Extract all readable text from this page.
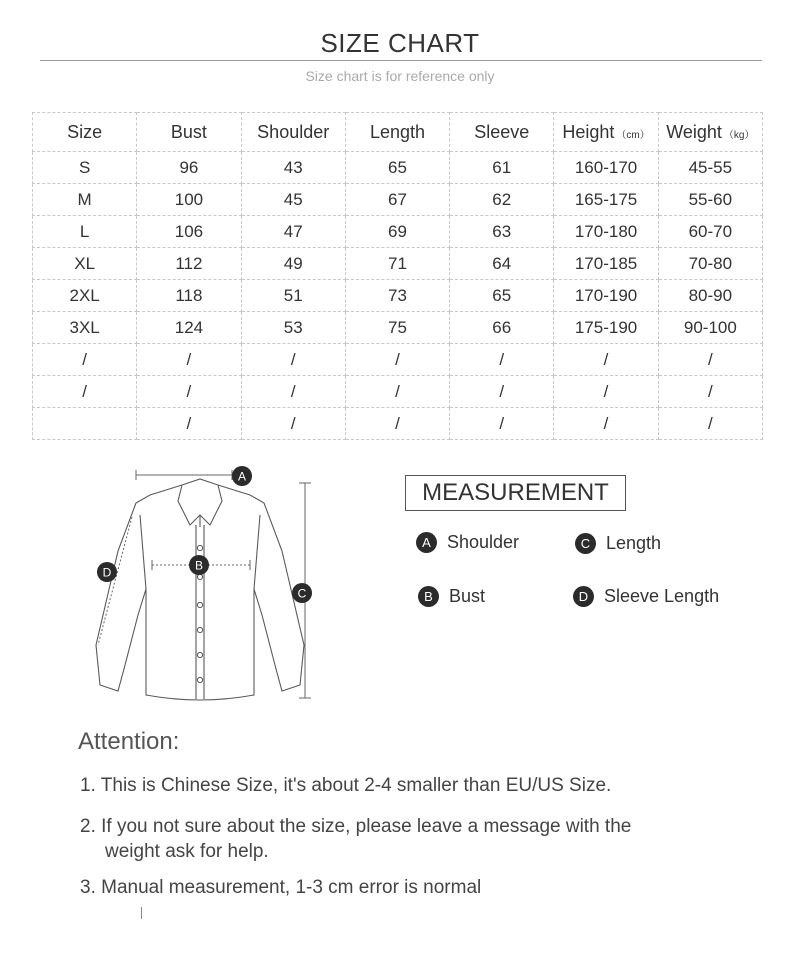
SIZE CHART
Size chart is for reference only
Size	Bust	Shoulder	Length	Sleeve	Height （cm）	Weight （kg）
S	96	43	65	61	160-170	45-55
M	100	45	67	62	165-175	55-60
L	106	47	69	63	170-180	60-70
XL	112	49	71	64	170-185	70-80
2XL	118	51	73	65	170-190	80-90
3XL	124	53	75	66	175-190	90-100
/	/	/	/	/	/	/
/	/	/	/	/	/	/
	/	/	/	/	/	/
A
B
C
D
MEASUREMENT
A Shoulder	C Length
B Bust	D Sleeve Length
Attention:
1. This is Chinese Size, it's about 2-4 smaller than EU/US Size.
2. If you not sure about the size, please leave a message with the
weight ask for help.
3. Manual measurement, 1-3 cm error is normal
